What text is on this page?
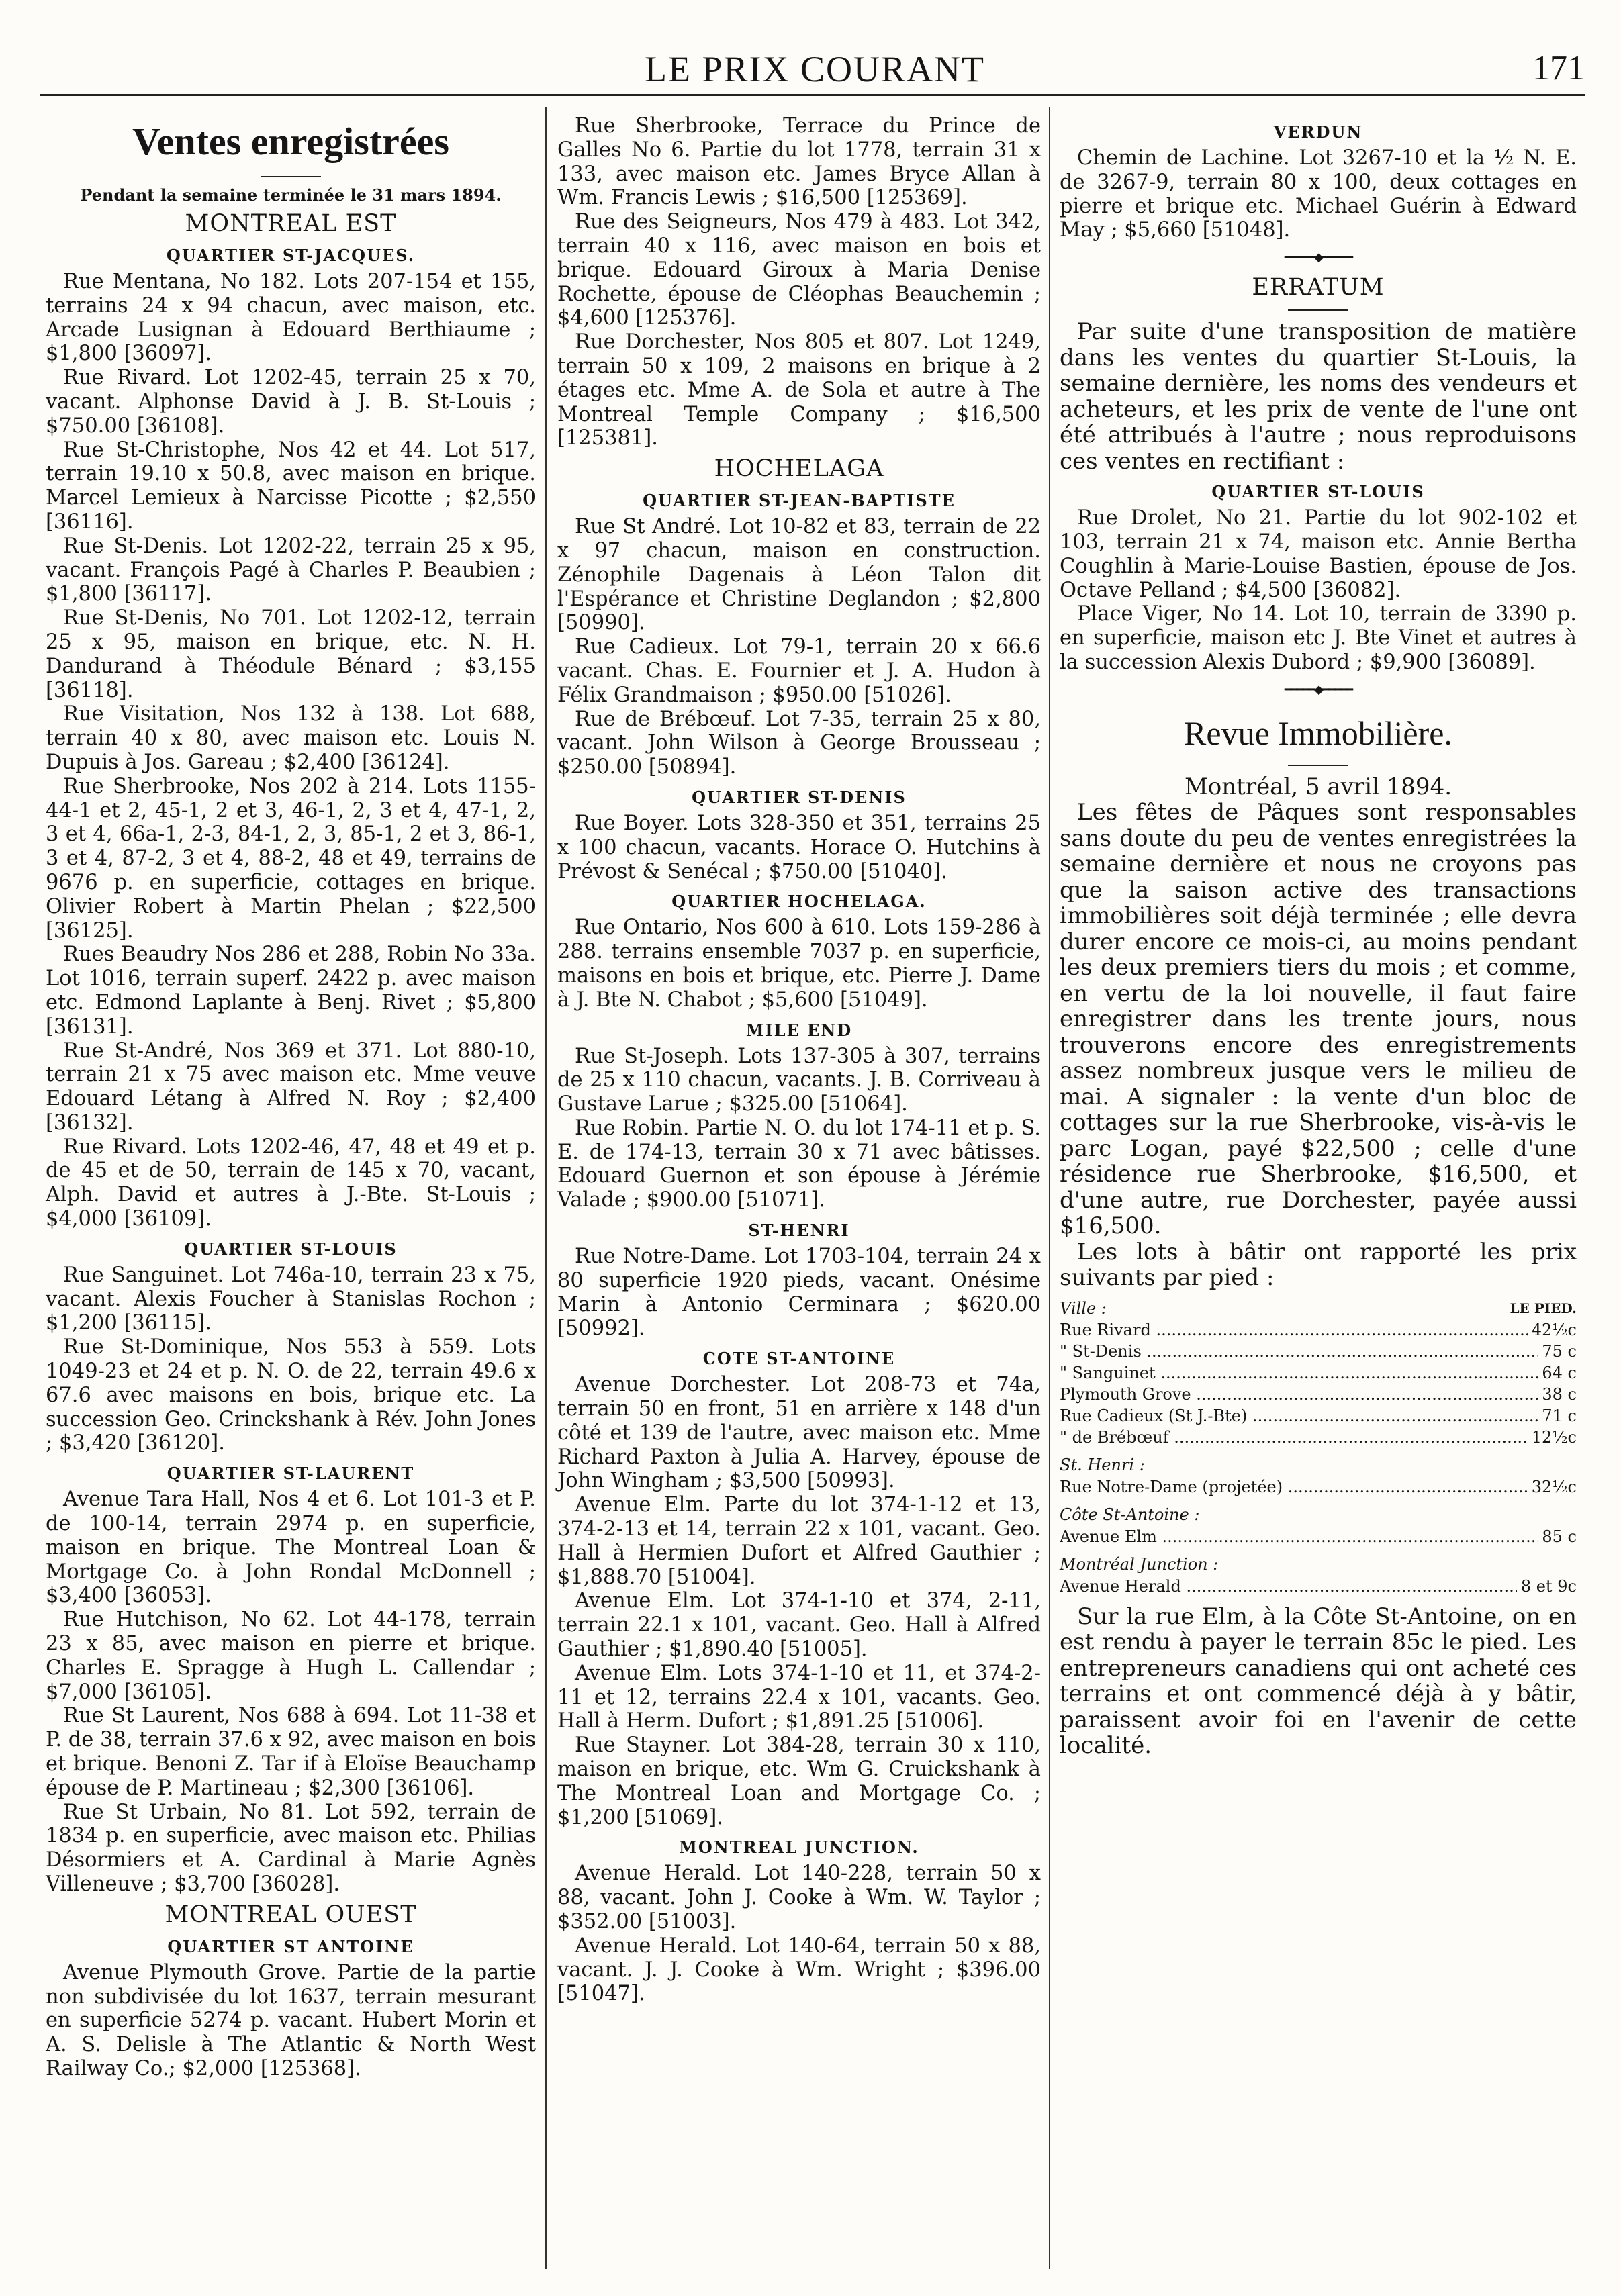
LE PRIX COURANT	171
Ventes enregistrées
Pendant la semaine terminée le 31 mars 1894.
MONTREAL EST
QUARTIER ST-JACQUES.

Rue Mentana, No 182. Lots 207-154 et 155, terrains 24 x 94 chacun, avec maison, etc. Arcade Lusignan à Edouard Berthiaume ; $1,800 [36097].

Rue Rivard. Lot 1202-45, terrain 25 x 70, vacant. Alphonse David à J. B. St-Louis ; $750.00 [36108].

Rue St-Christophe, Nos 42 et 44. Lot 517, terrain 19.10 x 50.8, avec maison en brique. Marcel Lemieux à Narcisse Picotte ; $2,550 [36116].

Rue St-Denis. Lot 1202-22, terrain 25 x 95, vacant. François Pagé à Charles P. Beaubien ; $1,800 [36117].

Rue St-Denis, No 701. Lot 1202-12, terrain 25 x 95, maison en brique, etc. N. H. Dandurand à Théodule Bénard ; $3,155 [36118].

Rue Visitation, Nos 132 à 138. Lot 688, terrain 40 x 80, avec maison etc. Louis N. Dupuis à Jos. Gareau ; $2,400 [36124].

Rue Sherbrooke, Nos 202 à 214. Lots 1155-44-1 et 2, 45-1, 2 et 3, 46-1, 2, 3 et 4, 47-1, 2, 3 et 4, 66a-1, 2-3, 84-1, 2, 3, 85-1, 2 et 3, 86-1, 3 et 4, 87-2, 3 et 4, 88-2, 48 et 49, terrains de 9676 p. en superficie, cottages en brique. Olivier Robert à Martin Phelan ; $22,500 [36125].

Rues Beaudry Nos 286 et 288, Robin No 33a. Lot 1016, terrain superf. 2422 p. avec maison etc. Edmond Laplante à Benj. Rivet ; $5,800 [36131].

Rue St-André, Nos 369 et 371. Lot 880-10, terrain 21 x 75 avec maison etc. Mme veuve Edouard Létang à Alfred N. Roy ; $2,400 [36132].

Rue Rivard. Lots 1202-46, 47, 48 et 49 et p. de 45 et de 50, terrain de 145 x 70, vacant, Alph. David et autres à J.-Bte. St-Louis ; $4,000 [36109].

QUARTIER ST-LOUIS

Rue Sanguinet. Lot 746a-10, terrain 23 x 75, vacant. Alexis Foucher à Stanislas Rochon ; $1,200 [36115].

Rue St-Dominique, Nos 553 à 559. Lots 1049-23 et 24 et p. N. O. de 22, terrain 49.6 x 67.6 avec maisons en bois, brique etc. La succession Geo. Crinckshank à Rév. John Jones ; $3,420 [36120].

QUARTIER ST-LAURENT

Avenue Tara Hall, Nos 4 et 6. Lot 101-3 et P. de 100-14, terrain 2974 p. en superficie, maison en brique. The Montreal Loan & Mortgage Co. à John Rondal McDonnell ; $3,400 [36053].

Rue Hutchison, No 62. Lot 44-178, terrain 23 x 85, avec maison en pierre et brique. Charles E. Spragge à Hugh L. Callendar ; $7,000 [36105].

Rue St Laurent, Nos 688 à 694. Lot 11-38 et P. de 38, terrain 37.6 x 92, avec maison en bois et brique. Benoni Z. Tar if à Eloïse Beauchamp épouse de P. Martineau ; $2,300 [36106].

Rue St Urbain, No 81. Lot 592, terrain de 1834 p. en superficie, avec maison etc. Philias Désormiers et A. Cardinal à Marie Agnès Villeneuve ; $3,700 [36028].

MONTREAL OUEST
QUARTIER ST ANTOINE

Avenue Plymouth Grove. Partie de la partie non subdivisée du lot 1637, terrain mesurant en superficie 5274 p. vacant. Hubert Morin et A. S. Delisle à The Atlantic & North West Railway Co.; $2,000 [125368].

Rue Sherbrooke, Terrace du Prince de Galles No 6. Partie du lot 1778, terrain 31 x 133, avec maison etc. James Bryce Allan à Wm. Francis Lewis ; $16,500 [125369].

Rue des Seigneurs, Nos 479 à 483. Lot 342, terrain 40 x 116, avec maison en bois et brique. Edouard Giroux à Maria Denise Rochette, épouse de Cléophas Beauchemin ; $4,600 [125376].

Rue Dorchester, Nos 805 et 807. Lot 1249, terrain 50 x 109, 2 maisons en brique à 2 étages etc. Mme A. de Sola et autre à The Montreal Temple Company ; $16,500 [125381].

HOCHELAGA
QUARTIER ST-JEAN-BAPTISTE

Rue St André. Lot 10-82 et 83, terrain de 22 x 97 chacun, maison en construction. Zénophile Dagenais à Léon Talon dit l'Espérance et Christine Deglandon ; $2,800 [50990].

Rue Cadieux. Lot 79-1, terrain 20 x 66.6 vacant. Chas. E. Fournier et J. A. Hudon à Félix Grandmaison ; $950.00 [51026].

Rue de Brébœuf. Lot 7-35, terrain 25 x 80, vacant. John Wilson à George Brousseau ; $250.00 [50894].

QUARTIER ST-DENIS

Rue Boyer. Lots 328-350 et 351, terrains 25 x 100 chacun, vacants. Horace O. Hutchins à Prévost & Senécal ; $750.00 [51040].

QUARTIER HOCHELAGA.

Rue Ontario, Nos 600 à 610. Lots 159-286 à 288. terrains ensemble 7037 p. en superficie, maisons en bois et brique, etc. Pierre J. Dame à J. Bte N. Chabot ; $5,600 [51049].

MILE END

Rue St-Joseph. Lots 137-305 à 307, terrains de 25 x 110 chacun, vacants. J. B. Corriveau à Gustave Larue ; $325.00 [51064].

Rue Robin. Partie N. O. du lot 174-11 et p. S. E. de 174-13, terrain 30 x 71 avec bâtisses. Edouard Guernon et son épouse à Jérémie Valade ; $900.00 [51071].

ST-HENRI

Rue Notre-Dame. Lot 1703-104, terrain 24 x 80 superficie 1920 pieds, vacant. Onésime Marin à Antonio Cerminara ; $620.00 [50992].

COTE ST-ANTOINE

Avenue Dorchester. Lot 208-73 et 74a, terrain 50 en front, 51 en arrière x 148 d'un côté et 139 de l'autre, avec maison etc. Mme Richard Paxton à Julia A. Harvey, épouse de John Wingham ; $3,500 [50993].

Avenue Elm. Parte du lot 374-1-12 et 13, 374-2-13 et 14, terrain 22 x 101, vacant. Geo. Hall à Hermien Dufort et Alfred Gauthier ; $1,888.70 [51004].

Avenue Elm. Lot 374-1-10 et 374, 2-11, terrain 22.1 x 101, vacant. Geo. Hall à Alfred Gauthier ; $1,890.40 [51005].

Avenue Elm. Lots 374-1-10 et 11, et 374-2-11 et 12, terrains 22.4 x 101, vacants. Geo. Hall à Herm. Dufort ; $1,891.25 [51006].

Rue Stayner. Lot 384-28, terrain 30 x 110, maison en brique, etc. Wm G. Cruickshank à The Montreal Loan and Mortgage Co. ; $1,200 [51069].

MONTREAL JUNCTION.

Avenue Herald. Lot 140-228, terrain 50 x 88, vacant. John J. Cooke à Wm. W. Taylor ; $352.00 [51003].

Avenue Herald. Lot 140-64, terrain 50 x 88, vacant. J. J. Cooke à Wm. Wright ; $396.00 [51047].

VERDUN

Chemin de Lachine. Lot 3267-10 et la ½ N. E. de 3267-9, terrain 80 x 100, deux cottages en pierre et brique etc. Michael Guérin à Edward May ; $5,660 [51048].

━━━━━◆━━━━━
ERRATUM

Par suite d'une transposition de matière dans les ventes du quartier St-Louis, la semaine dernière, les noms des vendeurs et acheteurs, et les prix de vente de l'une ont été attribués à l'autre ; nous reproduisons ces ventes en rectifiant :

QUARTIER ST-LOUIS

Rue Drolet, No 21. Partie du lot 902-102 et 103, terrain 21 x 74, maison etc. Annie Bertha Coughlin à Marie-Louise Bastien, épouse de Jos. Octave Pelland ; $4,500 [36082].

Place Viger, No 14. Lot 10, terrain de 3390 p. en superficie, maison etc J. Bte Vinet et autres à la succession Alexis Dubord ; $9,900 [36089].

━━━━━◆━━━━━
Revue Immobilière.

Montréal, 5 avril 1894.

Les fêtes de Pâques sont responsables sans doute du peu de ventes enregistrées la semaine dernière et nous ne croyons pas que la saison active des transactions immobilières soit déjà terminée ; elle devra durer encore ce mois-ci, au moins pendant les deux premiers tiers du mois ; et comme, en vertu de la loi nouvelle, il faut faire enregistrer dans les trente jours, nous trouverons encore des enregistrements assez nombreux jusque vers le milieu de mai. A signaler : la vente d'un bloc de cottages sur la rue Sherbrooke, vis-à-vis le parc Logan, payé $22,500 ; celle d'une résidence rue Sherbrooke, $16,500, et d'une autre, rue Dorchester, payée aussi $16,500.

Les lots à bâtir ont rapporté les prix suivants par pied :

Ville :	LE PIED.
Rue Rivard .....	42½c
" St-Denis .....	75 c
" Sanguinet .....	64 c
Plymouth Grove .....	38 c
Rue Cadieux (St J.-Bte) .....	71 c
" de Brébœuf .....	12½c
St. Henri :
Rue Notre-Dame (projetée) .....	32½c
Côte St-Antoine :
Avenue Elm .....	85 c
Montréal Junction :
Avenue Herald .....	8 et 9c

Sur la rue Elm, à la Côte St-Antoine, on en est rendu à payer le terrain 85c le pied. Les entrepreneurs canadiens qui ont acheté ces terrains et ont commencé déjà à y bâtir, paraissent avoir foi en l'avenir de cette localité.
